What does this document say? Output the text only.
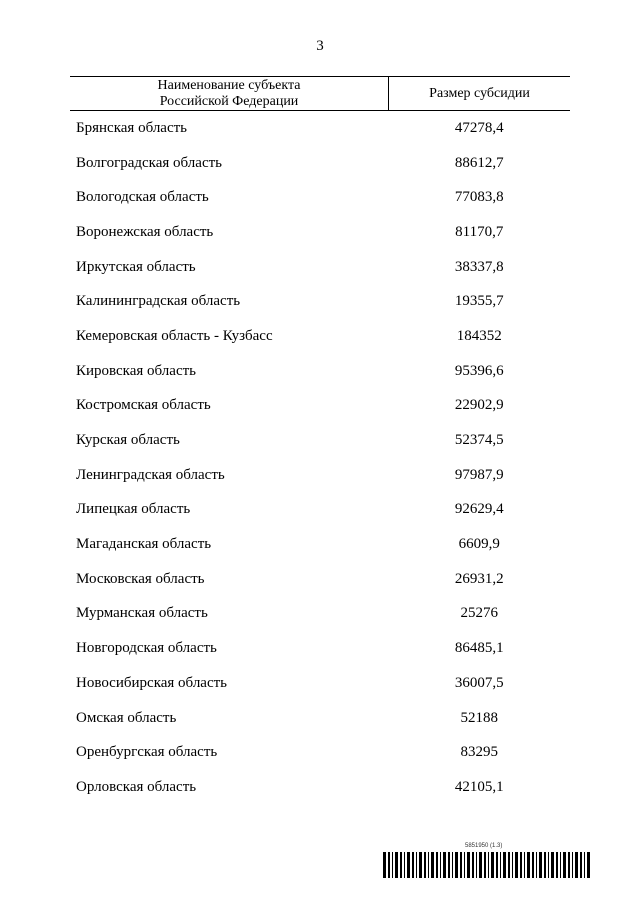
3
Наименование субъекта
Российской Федерации	Размер субсидии
Брянская область	47278,4
Волгоградская область	88612,7
Вологодская область	77083,8
Воронежская область	81170,7
Иркутская область	38337,8
Калининградская область	19355,7
Кемеровская область - Кузбасс	184352
Кировская область	95396,6
Костромская область	22902,9
Курская область	52374,5
Ленинградская область	97987,9
Липецкая область	92629,4
Магаданская область	6609,9
Московская область	26931,2
Мурманская область	25276
Новгородская область	86485,1
Новосибирская область	36007,5
Омская область	52188
Оренбургская область	83295
Орловская область	42105,1
5851950 (1.3)
